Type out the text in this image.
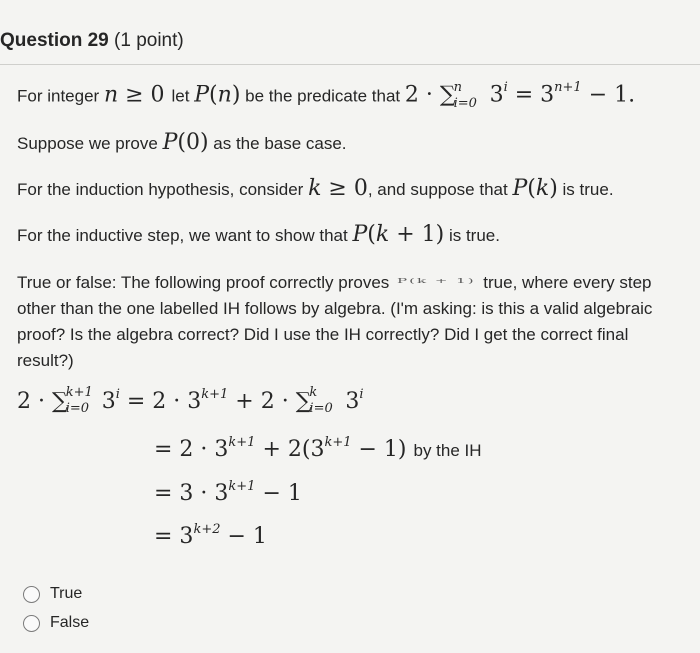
Question 29 (1 point)
For integer n ≥ 0 let P(n) be the predicate that 2 · ∑
n
i=0 $3^i = 3^{n+1} - 1$.
Suppose we prove P(0) as the base case.
For the induction hypothesis, consider k ≥ 0, and suppose that P(k) is true.
For the inductive step, we want to show that P(k + 1) is true.
True or false: The following proof correctly proves P(k + 1) true, where every step other than the one labelled IH follows by algebra. (I'm asking: is this a valid algebraic proof? Is the algebra correct? Did I use the IH correctly? Did I get the correct final result?)
2 · ∑
k+1
i=0 $3^i = 2 \cdot 3^{k+1} + 2$ · ∑
k
i=0 $3^i$
= $2 \cdot 3^{k+1} + 2(3^{k+1} - 1)$ by the IH
= $3 \cdot 3^{k+1} - 1$
= $3^{k+2} - 1$
True
False
